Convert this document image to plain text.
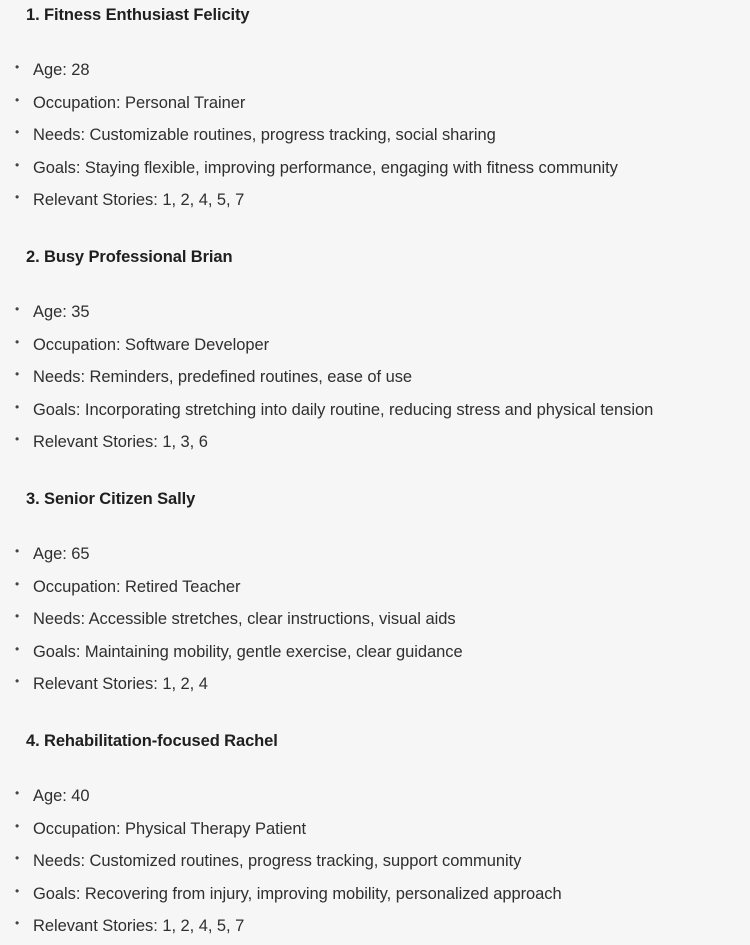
1. Fitness Enthusiast Felicity
• Age: 28
• Occupation: Personal Trainer
• Needs: Customizable routines, progress tracking, social sharing
• Goals: Staying flexible, improving performance, engaging with fitness community
• Relevant Stories: 1, 2, 4, 5, 7
2. Busy Professional Brian
• Age: 35
• Occupation: Software Developer
• Needs: Reminders, predefined routines, ease of use
• Goals: Incorporating stretching into daily routine, reducing stress and physical tension
• Relevant Stories: 1, 3, 6
3. Senior Citizen Sally
• Age: 65
• Occupation: Retired Teacher
• Needs: Accessible stretches, clear instructions, visual aids
• Goals: Maintaining mobility, gentle exercise, clear guidance
• Relevant Stories: 1, 2, 4
4. Rehabilitation-focused Rachel
• Age: 40
• Occupation: Physical Therapy Patient
• Needs: Customized routines, progress tracking, support community
• Goals: Recovering from injury, improving mobility, personalized approach
• Relevant Stories: 1, 2, 4, 5, 7
